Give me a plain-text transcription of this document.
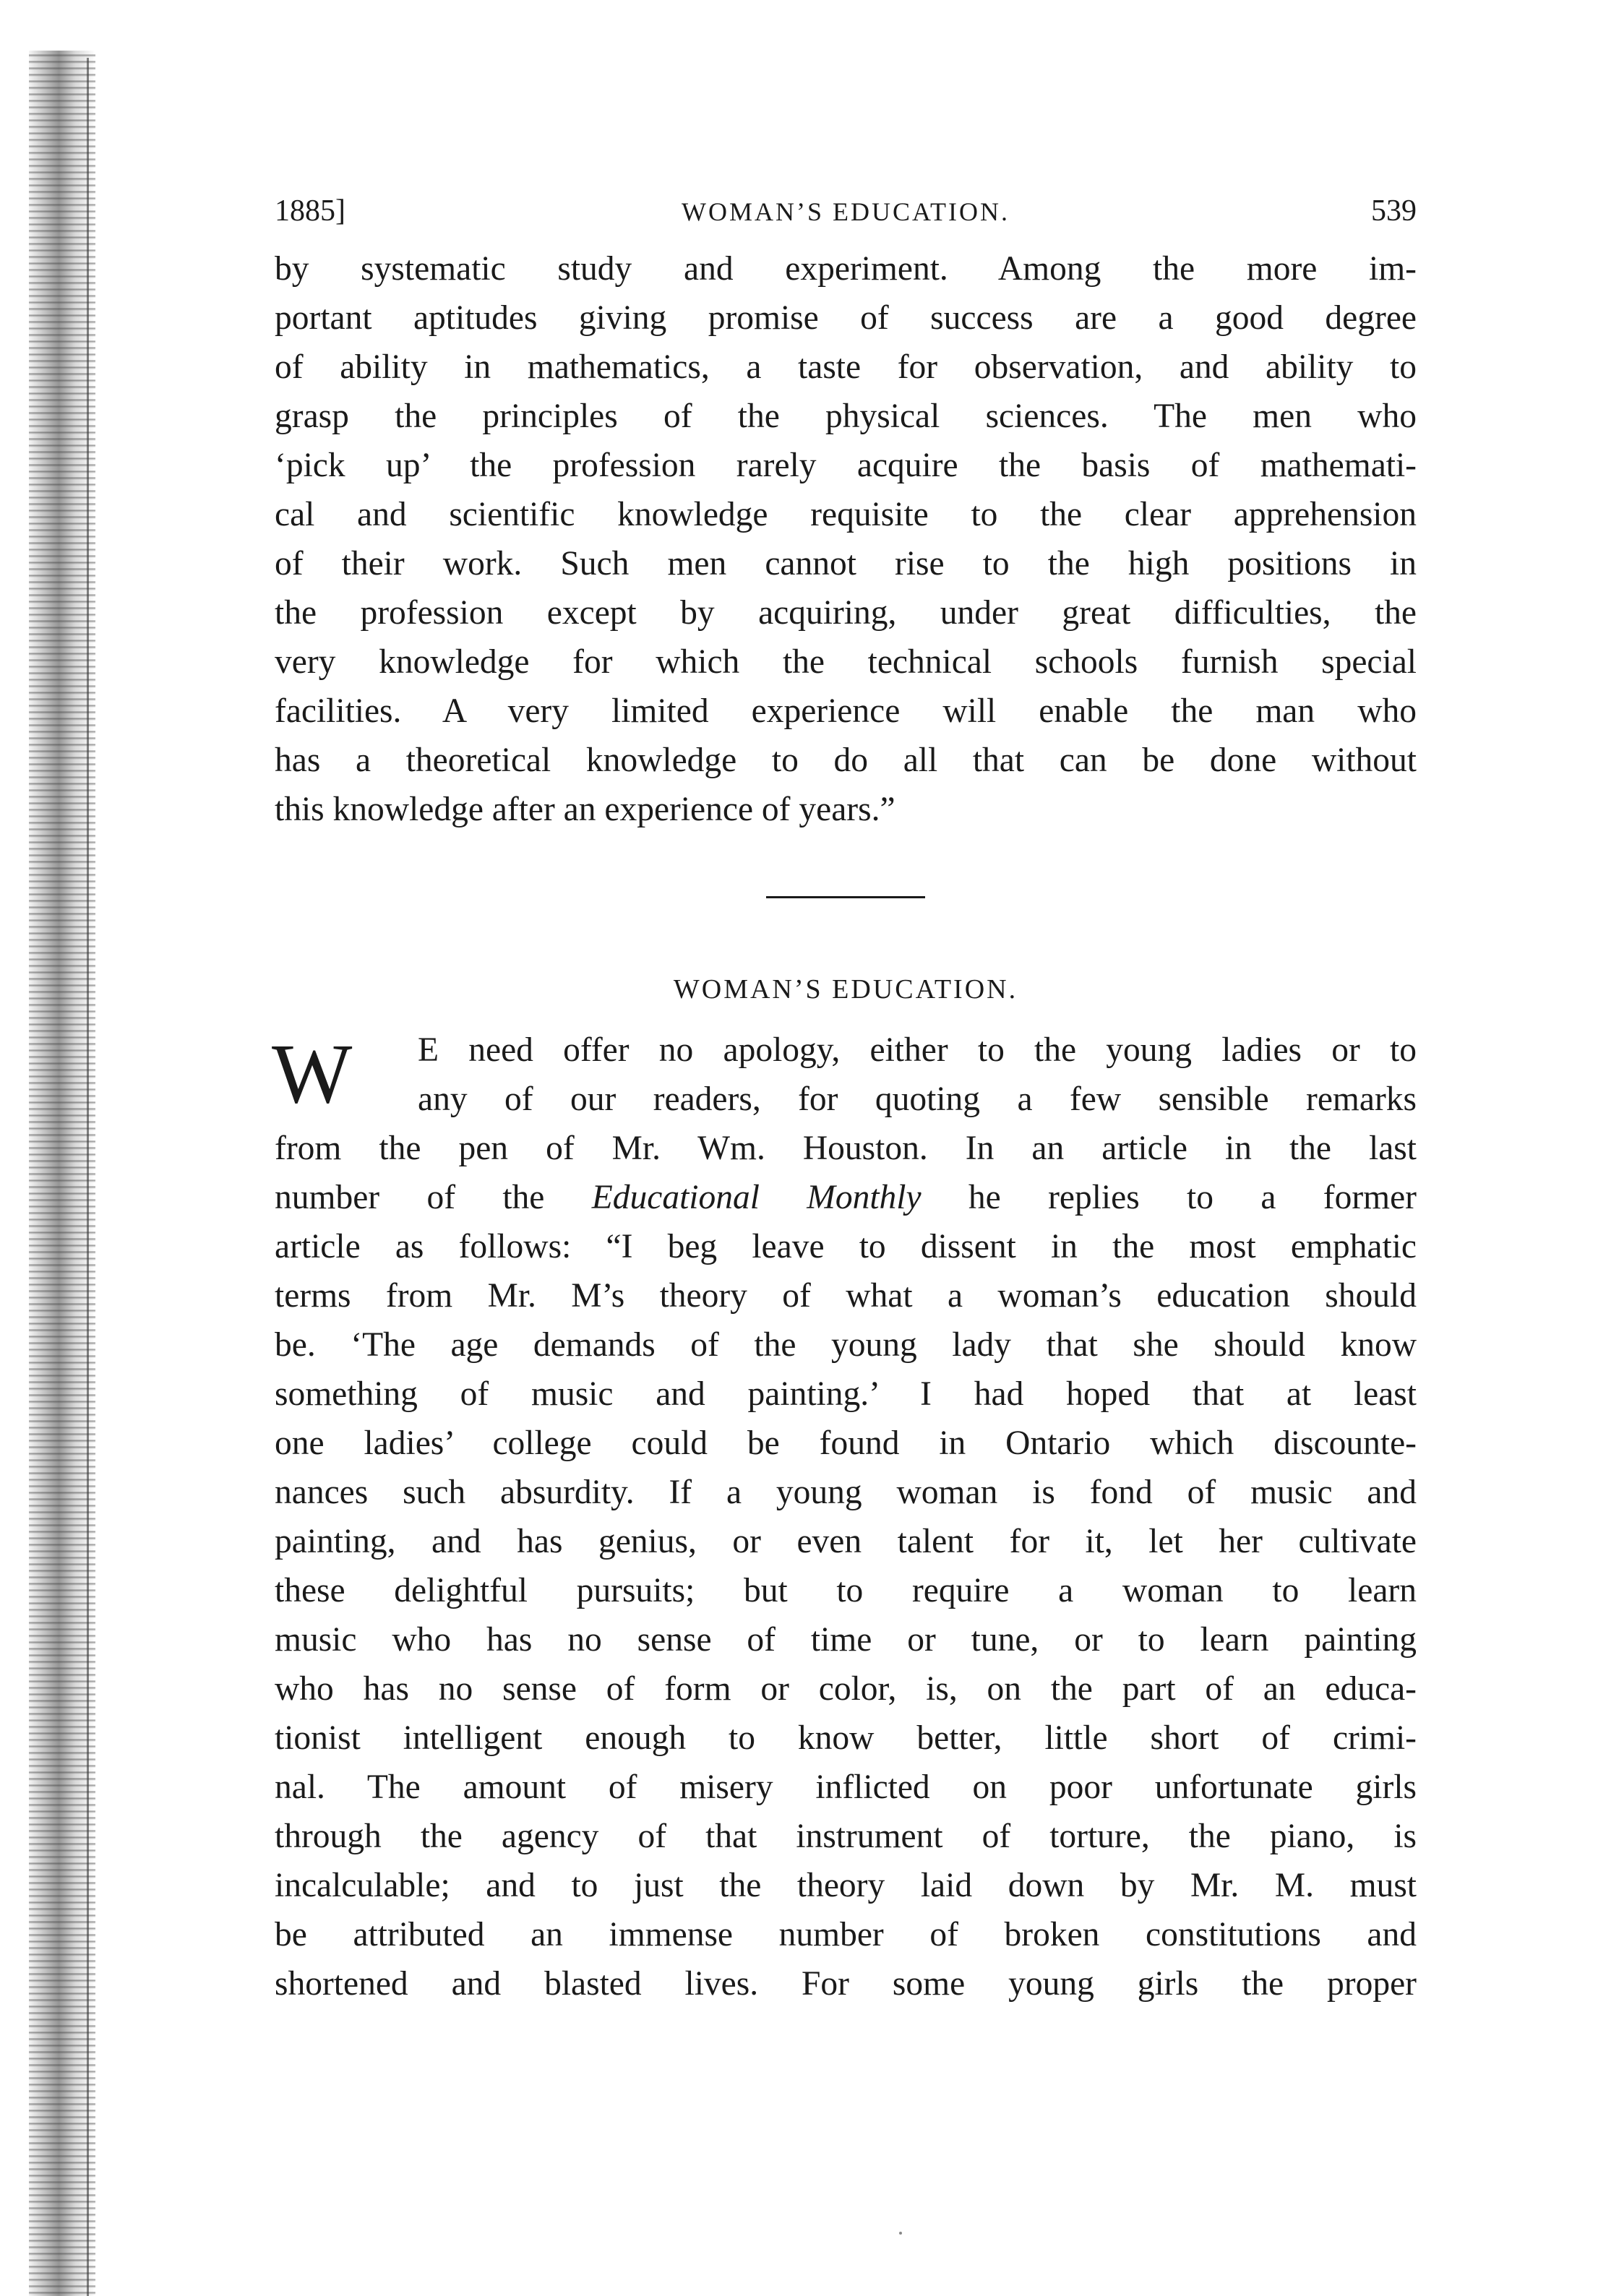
1885]	WOMAN’S EDUCATION.	539
by systematic study and experiment. Among the more im-
portant aptitudes giving promise of success are a good degree
of ability in mathematics, a taste for observation, and ability to
grasp the principles of the physical sciences. The men who
‘pick up’ the profession rarely acquire the basis of mathemati-
cal and scientific knowledge requisite to the clear apprehension
of their work. Such men cannot rise to the high positions in
the profession except by acquiring, under great difficulties, the
very knowledge for which the technical schools furnish special
facilities. A very limited experience will enable the man who
has a theoretical knowledge to do all that can be done without
this knowledge after an experience of years.”
WOMAN’S EDUCATION.
W	E need offer no apology, either to the young ladies or to
any of our readers, for quoting a few sensible remarks
from the pen of Mr. Wm. Houston. In an article in the last
number of the Educational Monthly he replies to a former
article as follows: “I beg leave to dissent in the most emphatic
terms from Mr. M’s theory of what a woman’s education should
be. ‘The age demands of the young lady that she should know
something of music and painting.’ I had hoped that at least
one ladies’ college could be found in Ontario which discounte-
nances such absurdity. If a young woman is fond of music and
painting, and has genius, or even talent for it, let her cultivate
these delightful pursuits; but to require a woman to learn
music who has no sense of time or tune, or to learn painting
who has no sense of form or color, is, on the part of an educa-
tionist intelligent enough to know better, little short of crimi-
nal. The amount of misery inflicted on poor unfortunate girls
through the agency of that instrument of torture, the piano, is
incalculable; and to just the theory laid down by Mr. M. must
be attributed an immense number of broken constitutions and
shortened and blasted lives. For some young girls the proper
